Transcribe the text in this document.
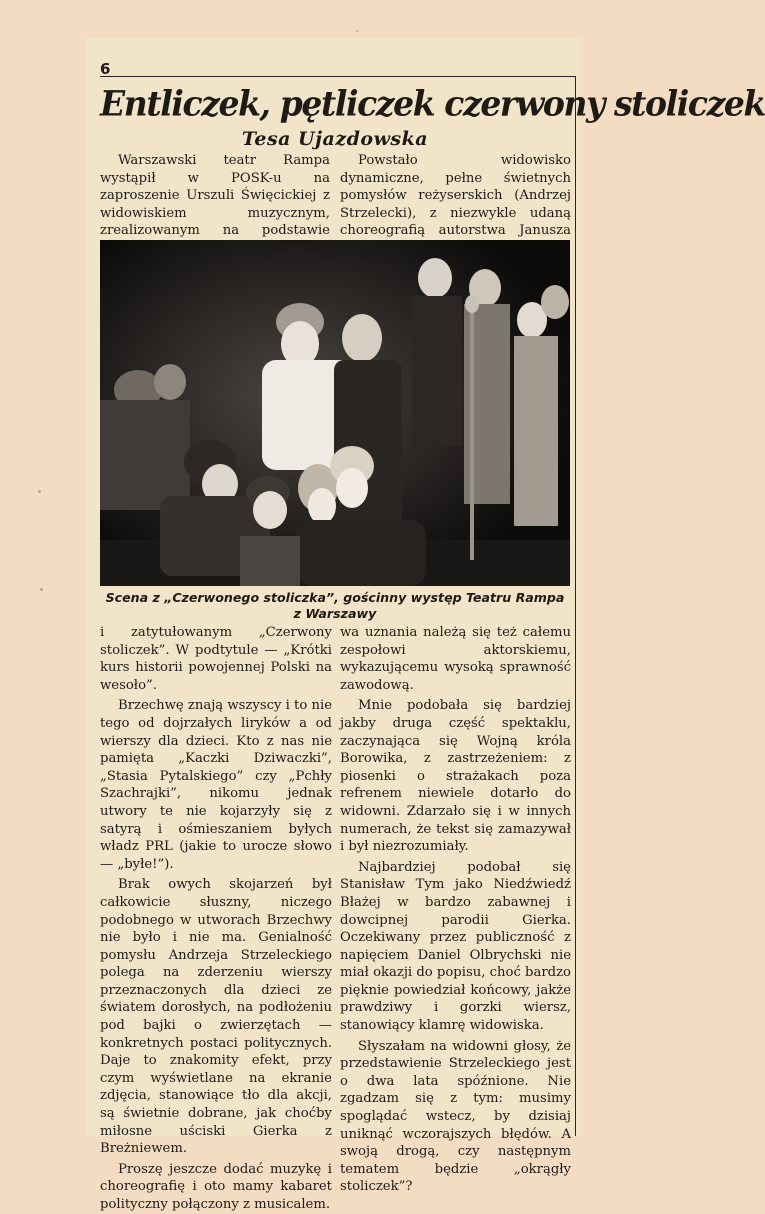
6
Entliczek, pętliczek czerwony stoliczek
Tesa Ujazdowska

Warszawski teatr Rampa wystąpił w POSK-u na zaproszenie Urszuli Święcickiej z widowiskiem muzycznym, zrealizowanym na podstawie

Powstało widowisko dynamiczne, pełne świetnych pomysłów reżyserskich (Andrzej Strzelecki), z niezwykle udaną choreografią autorstwa Janusza

Scena z „Czerwonego stoliczka”, gościnny występ Teatru Rampa z Warszawy

i zatytułowanym „Czerwony stoliczek”. W podtytule — „Krótki kurs historii powojennej Polski na wesoło”.

Brzechwę znają wszyscy i to nie tego od dojrzałych liryków a od wierszy dla dzieci. Kto z nas nie pamięta „Kaczki Dziwaczki”, „Stasia Pytalskiego” czy „Pchły Szachrajki”, nikomu jednak utwory te nie kojarzyły się z satyrą i ośmieszaniem byłych władz PRL (jakie to urocze słowo — „byłe!”).

Brak owych skojarzeń był całkowicie słuszny, niczego podobnego w utworach Brzechwy nie było i nie ma. Genialność pomysłu Andrzeja Strzeleckiego polega na zderzeniu wierszy przeznaczonych dla dzieci ze światem dorosłych, na podłożeniu pod bajki o zwierzętach — konkretnych postaci politycznych. Daje to znakomity efekt, przy czym wyświetlane na ekranie zdjęcia, stanowiące tło dla akcji, są świetnie dobrane, jak choćby miłosne uściski Gierka z Breżniewem.

Proszę jeszcze dodać muzykę i choreografię i oto mamy kabaret polityczny połączony z musicalem.

wa uznania należą się też całemu zespołowi aktorskiemu, wykazującemu wysoką sprawność zawodową.

Mnie podobała się bardziej jakby druga część spektaklu, zaczynająca się Wojną króla Borowika, z zastrzeżeniem: z piosenki o strażakach poza refrenem niewiele dotarło do widowni. Zdarzało się i w innych numerach, że tekst się zamazywał i był niezrozumiały.

Najbardziej podobał się Stanisław Tym jako Niedźwiedź Błażej w bardzo zabawnej i dowcipnej parodii Gierka. Oczekiwany przez publiczność z napięciem Daniel Olbrychski nie miał okazji do popisu, choć bardzo pięknie powiedział końcowy, jakże prawdziwy i gorzki wiersz, stanowiący klamrę widowiska.

Słyszałam na widowni głosy, że przedstawienie Strzeleckiego jest o dwa lata spóźnione. Nie zgadzam się z tym: musimy spoglądać wstecz, by dzisiaj uniknąć wczorajszych błędów. A swoją drogą, czy następnym tematem będzie „okrągły stoliczek”?
